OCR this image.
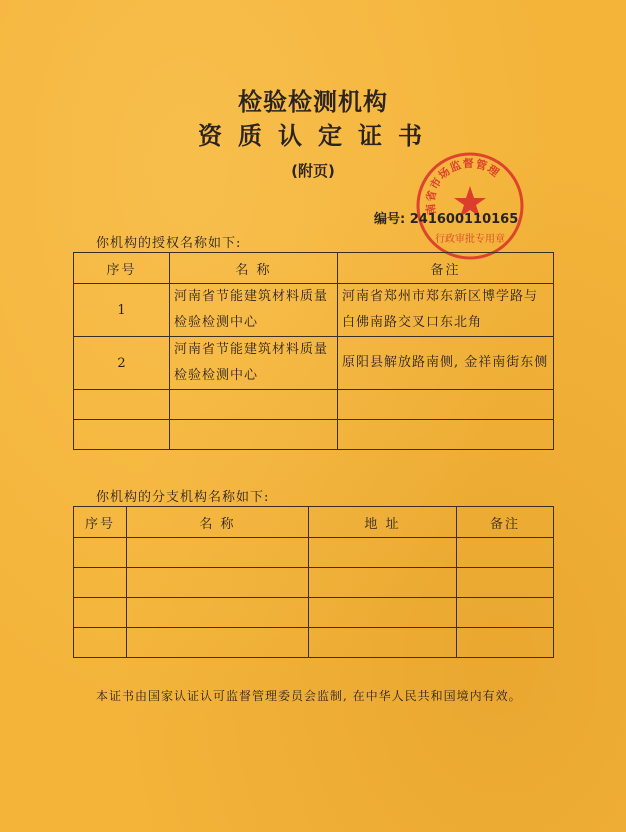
检验检测机构
资质认定证书
(附页)
南省市场监督管理
行政审批专用章
编号: 241600110165
你机构的授权名称如下:
序号	名 称	备注
1	河南省节能建筑材料质量检验检测中心	河南省郑州市郑东新区博学路与白佛南路交叉口东北角
2	河南省节能建筑材料质量检验检测中心	原阳县解放路南侧, 金祥南街东侧

你机构的分支机构名称如下:
序号	名 称	地 址	备注

本证书由国家认证认可监督管理委员会监制, 在中华人民共和国境内有效。
